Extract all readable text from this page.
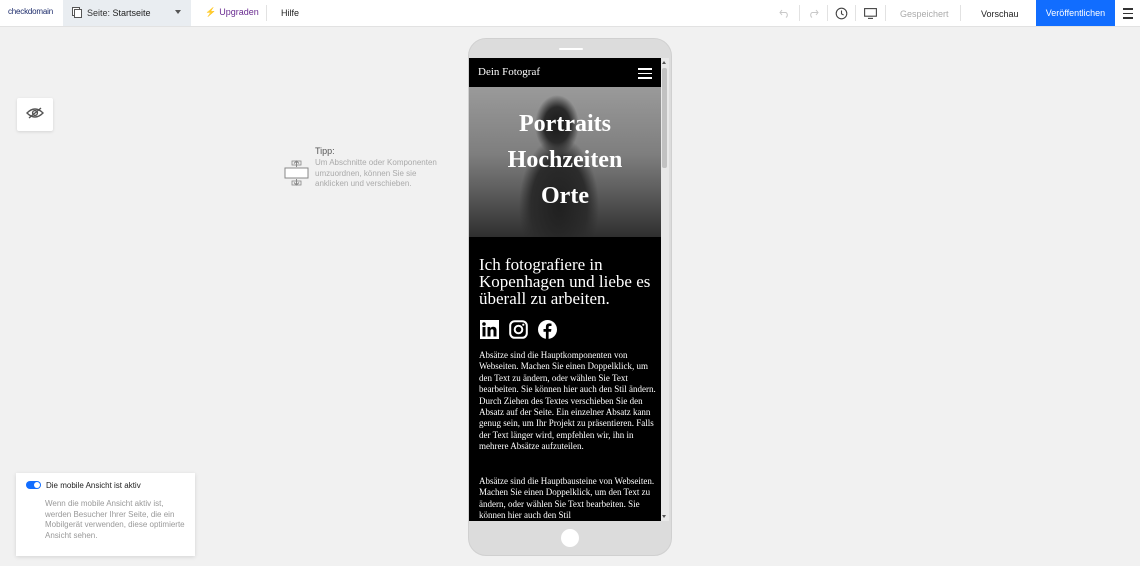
checkdomain	Seite: Startseite	⚡ Upgraden Hilfe	Gespeichert	Vorschau	Veröffentlichen
Tipp:
Um Abschnitte oder Komponenten umzuordnen, können Sie sie anklicken und verschieben.
Die mobile Ansicht ist aktiv
Wenn die mobile Ansicht aktiv ist, werden Besucher Ihrer Seite, die ein Mobilgerät verwenden, diese optimierte Ansicht sehen.
Dein Fotograf
Portraits
Hochzeiten
Orte
Ich fotografiere in Kopenhagen und liebe es überall zu arbeiten.
Absätze sind die Hauptkomponenten von Webseiten. Machen Sie einen Doppelklick, um den Text zu ändern, oder wählen Sie Text bearbeiten. Sie können hier auch den Stil ändern. Durch Ziehen des Textes verschieben Sie den Absatz auf der Seite. Ein einzelner Absatz kann genug sein, um Ihr Projekt zu präsentieren. Falls der Text länger wird, empfehlen wir, ihn in mehrere Absätze aufzuteilen.
Absätze sind die Hauptbausteine von Webseiten. Machen Sie einen Doppelklick, um den Text zu ändern, oder wählen Sie Text bearbeiten. Sie können hier auch den Stil
